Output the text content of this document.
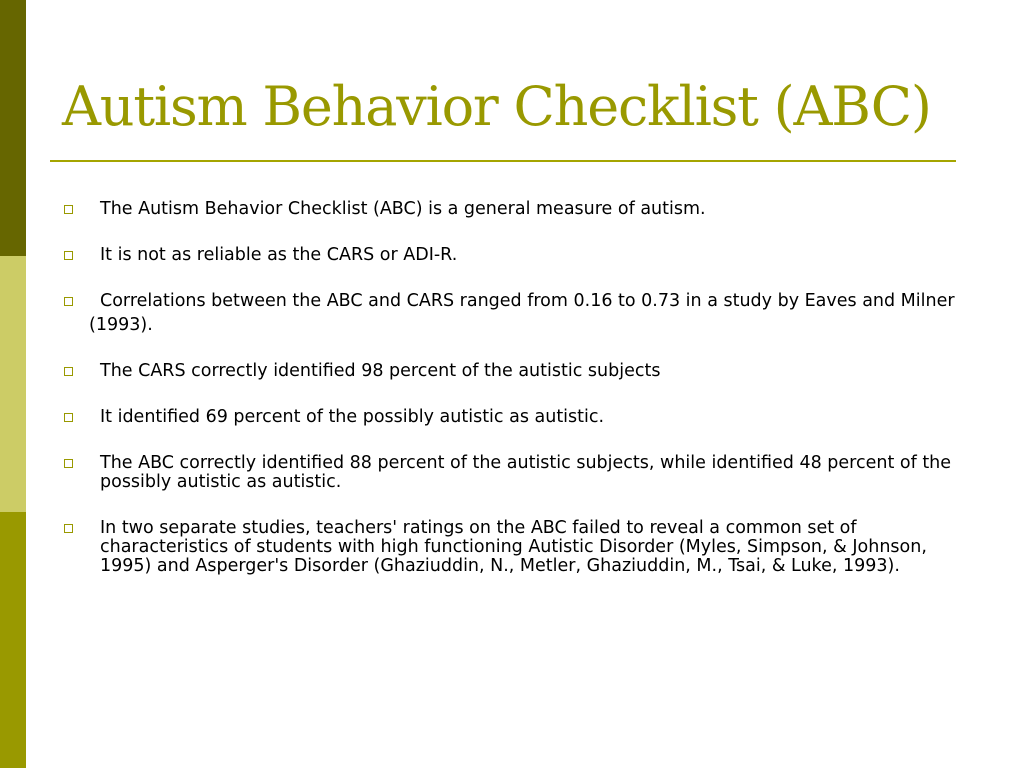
Autism Behavior Checklist (ABC)
The Autism Behavior Checklist (ABC) is a general measure of autism.
It is not as reliable as the CARS or ADI-R.
Correlations between the ABC and CARS ranged from 0.16 to 0.73 in a study by Eaves and Milner
(1993).
The CARS correctly identified 98 percent of the autistic subjects
It identified 69 percent of the possibly autistic as autistic.
The ABC correctly identified 88 percent of the autistic subjects, while identified 48 percent of the possibly autistic as autistic.
In two separate studies, teachers' ratings on the ABC failed to reveal a common set of characteristics of students with high functioning Autistic Disorder (Myles, Simpson, & Johnson, 1995) and Asperger's Disorder (Ghaziuddin, N., Metler, Ghaziuddin, M., Tsai, & Luke, 1993).
